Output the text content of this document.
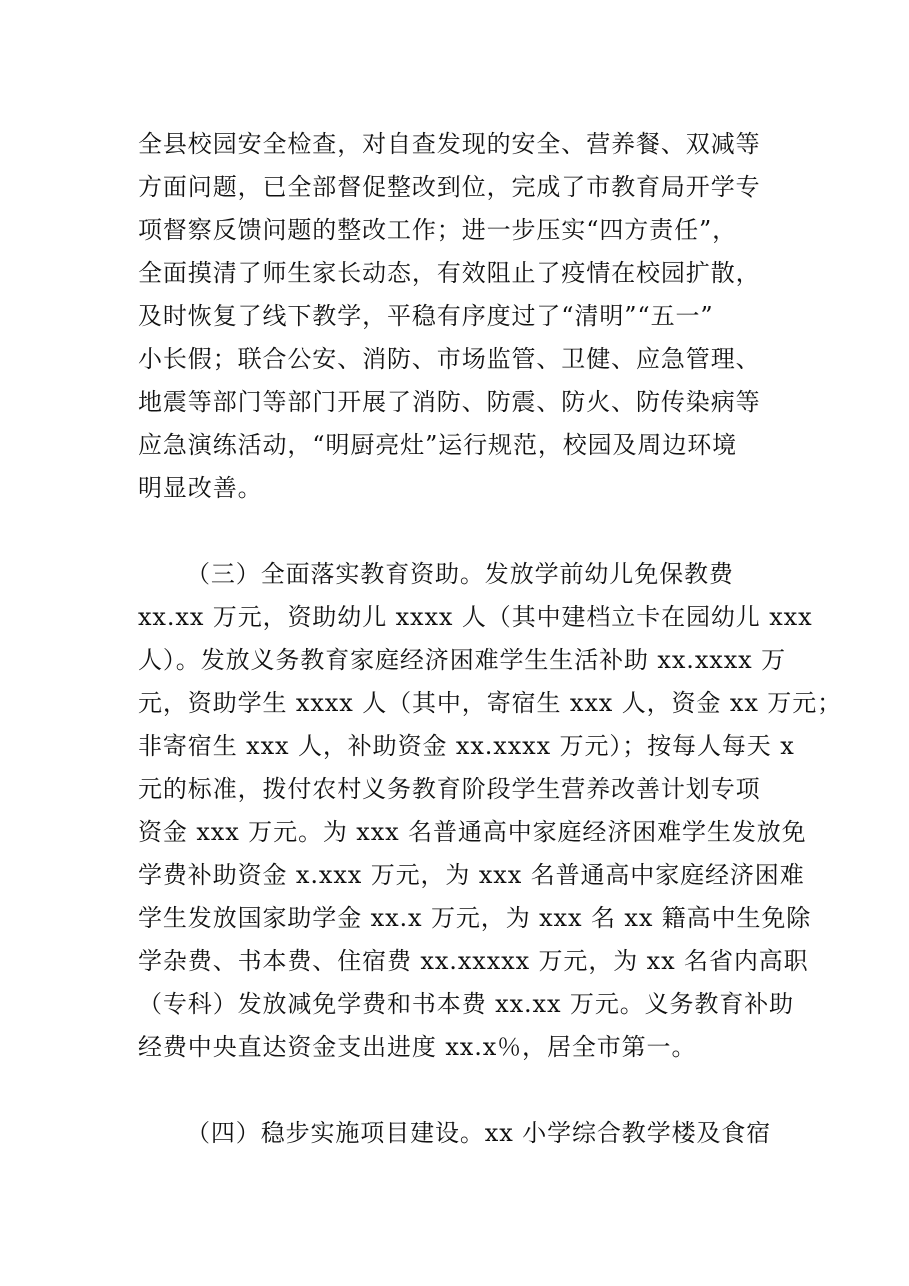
全县校园安全检查，对自查发现的安全、营养餐、双减等
方面问题，已全部督促整改到位，完成了市教育局开学专
项督察反馈问题的整改工作；进一步压实“四方责任”，
全面摸清了师生家长动态，有效阻止了疫情在校园扩散，
及时恢复了线下教学，平稳有序度过了“清明”“五一”
小长假；联合公安、消防、市场监管、卫健、应急管理、
地震等部门等部门开展了消防、防震、防火、防传染病等
应急演练活动，“明厨亮灶”运行规范，校园及周边环境
明显改善。
（三）全面落实教育资助。发放学前幼儿免保教费
xx.xx 万元，资助幼儿 xxxx 人（其中建档立卡在园幼儿 xxx
人）。发放义务教育家庭经济困难学生生活补助 xx.xxxx 万
元，资助学生 xxxx 人（其中，寄宿生 xxx 人，资金 xx 万元；
非寄宿生 xxx 人，补助资金 xx.xxxx 万元）；按每人每天 x
元的标准，拨付农村义务教育阶段学生营养改善计划专项
资金 xxx 万元。为 xxx 名普通高中家庭经济困难学生发放免
学费补助资金 x.xxx 万元，为 xxx 名普通高中家庭经济困难
学生发放国家助学金 xx.x 万元，为 xxx 名 xx 籍高中生免除
学杂费、书本费、住宿费 xx.xxxxx 万元，为 xx 名省内高职
（专科）发放减免学费和书本费 xx.xx 万元。义务教育补助
经费中央直达资金支出进度 xx.x％，居全市第一。
（四）稳步实施项目建设。xx 小学综合教学楼及食宿
